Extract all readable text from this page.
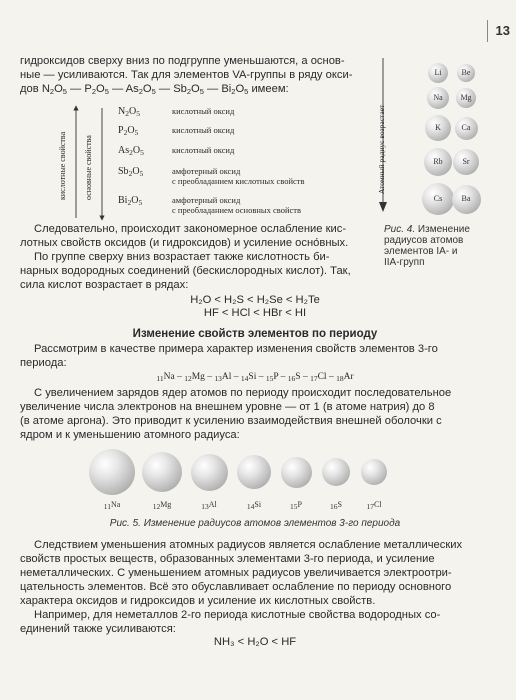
13
гидроксидов сверху вниз по подгруппе уменьшаются, а основ-
ные — усиливаются. Так для элементов VA-группы в ряду окси-
дов $N_2O_5$ — $P_2O_5$ — $As_2O_5$ — $Sb_2O_5$ — $Bi_2O_5$ имеем:
кислотные свойства основные свойства
$N_2O_5$	кислотный оксид
$P_2O_5$	кислотный оксид
$As_2O_5$	кислотный оксид
$Sb_2O_5$	амфотерный оксид
с преобладанием кислотных свойств
$Bi_2O_5$	амфотерный оксид
с преобладанием основных свойств
Атомный радиус возрастает
Li	Be
Na	Mg
K	Ca
Rb	Sr
Cs	Ba
Рис. 4. Изменение
радиусов атомов
элементов IA- и
IIA-групп
Следовательно, происходит закономерное ослабление кис-
лотных свойств оксидов (и гидроксидов) и усиление осно́вных.
По группе сверху вниз возрастает также кислотность би-
нарных водородных соединений (бескислородных кислот). Так,
сила кислот возрастает в рядах:
H₂O < H₂S < H₂Se < H₂Te
HF < HCl < HBr < HI
Изменение свойств элементов по периоду
Рассмотрим в качестве примера характер изменения свойств элементов 3-го
периода:
$_{11}$Na – $_{12}$Mg – $_{13}$Al – $_{14}$Si – $_{15}$P – $_{16}$S – $_{17}$Cl – $_{18}$Ar
С увеличением зарядов ядер атомов по периоду происходит последовательное
увеличение числа электронов на внешнем уровне — от 1 (в атоме натрия) до 8
(в атоме аргона). Это приводит к усилению взаимодействия внешней оболочки с
ядром и к уменьшению атомного радиуса:
$_{11}$Na	$_{12}$Mg	$_{13}$Al	$_{14}$Si	$_{15}$P	$_{16}$S	$_{17}$Cl
Рис. 5. Изменение радиусов атомов элементов 3-го периода
Следствием уменьшения атомных радиусов является ослабление металлических
свойств простых веществ, образованных элементами 3-го периода, и усиление
неметаллических. С уменьшением атомных радиусов увеличивается электроотри-
цательность элементов. Всё это обуславливает ослабление по периоду основного
характера оксидов и гидроксидов и усиление их кислотных свойств.
Например, для неметаллов 2-го периода кислотные свойства водородных со-
единений также усиливаются:
NH₃ < H₂O < HF
